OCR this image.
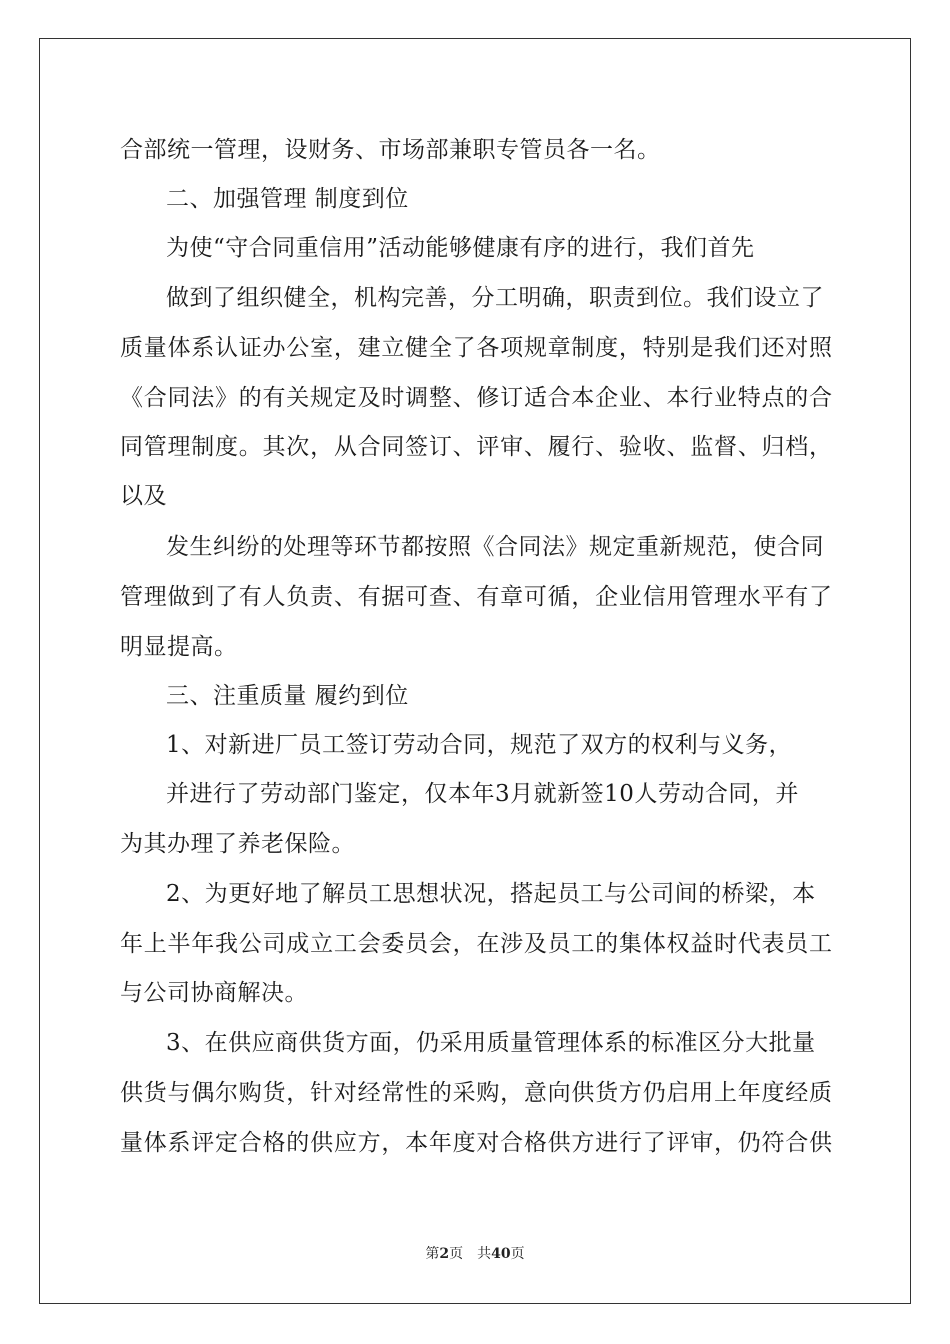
合部统一管理，设财务、市场部兼职专管员各一名。
二、加强管理 制度到位
为使“守合同重信用”活动能够健康有序的进行，我们首先
做到了组织健全，机构完善，分工明确，职责到位。我们设立了
质量体系认证办公室，建立健全了各项规章制度，特别是我们还对照
《合同法》的有关规定及时调整、修订适合本企业、本行业特点的合
同管理制度。其次，从合同签订、评审、履行、验收、监督、归档，
以及
发生纠纷的处理等环节都按照《合同法》规定重新规范，使合同
管理做到了有人负责、有据可查、有章可循，企业信用管理水平有了
明显提高。
三、注重质量 履约到位
1、对新进厂员工签订劳动合同，规范了双方的权利与义务，
并进行了劳动部门鉴定，仅本年3月就新签10人劳动合同，并
为其办理了养老保险。
2、为更好地了解员工思想状况，搭起员工与公司间的桥梁，本
年上半年我公司成立工会委员会，在涉及员工的集体权益时代表员工
与公司协商解决。
3、在供应商供货方面，仍采用质量管理体系的标准区分大批量
供货与偶尔购货，针对经常性的采购，意向供货方仍启用上年度经质
量体系评定合格的供应方，本年度对合格供方进行了评审，仍符合供
第2页 共40页
